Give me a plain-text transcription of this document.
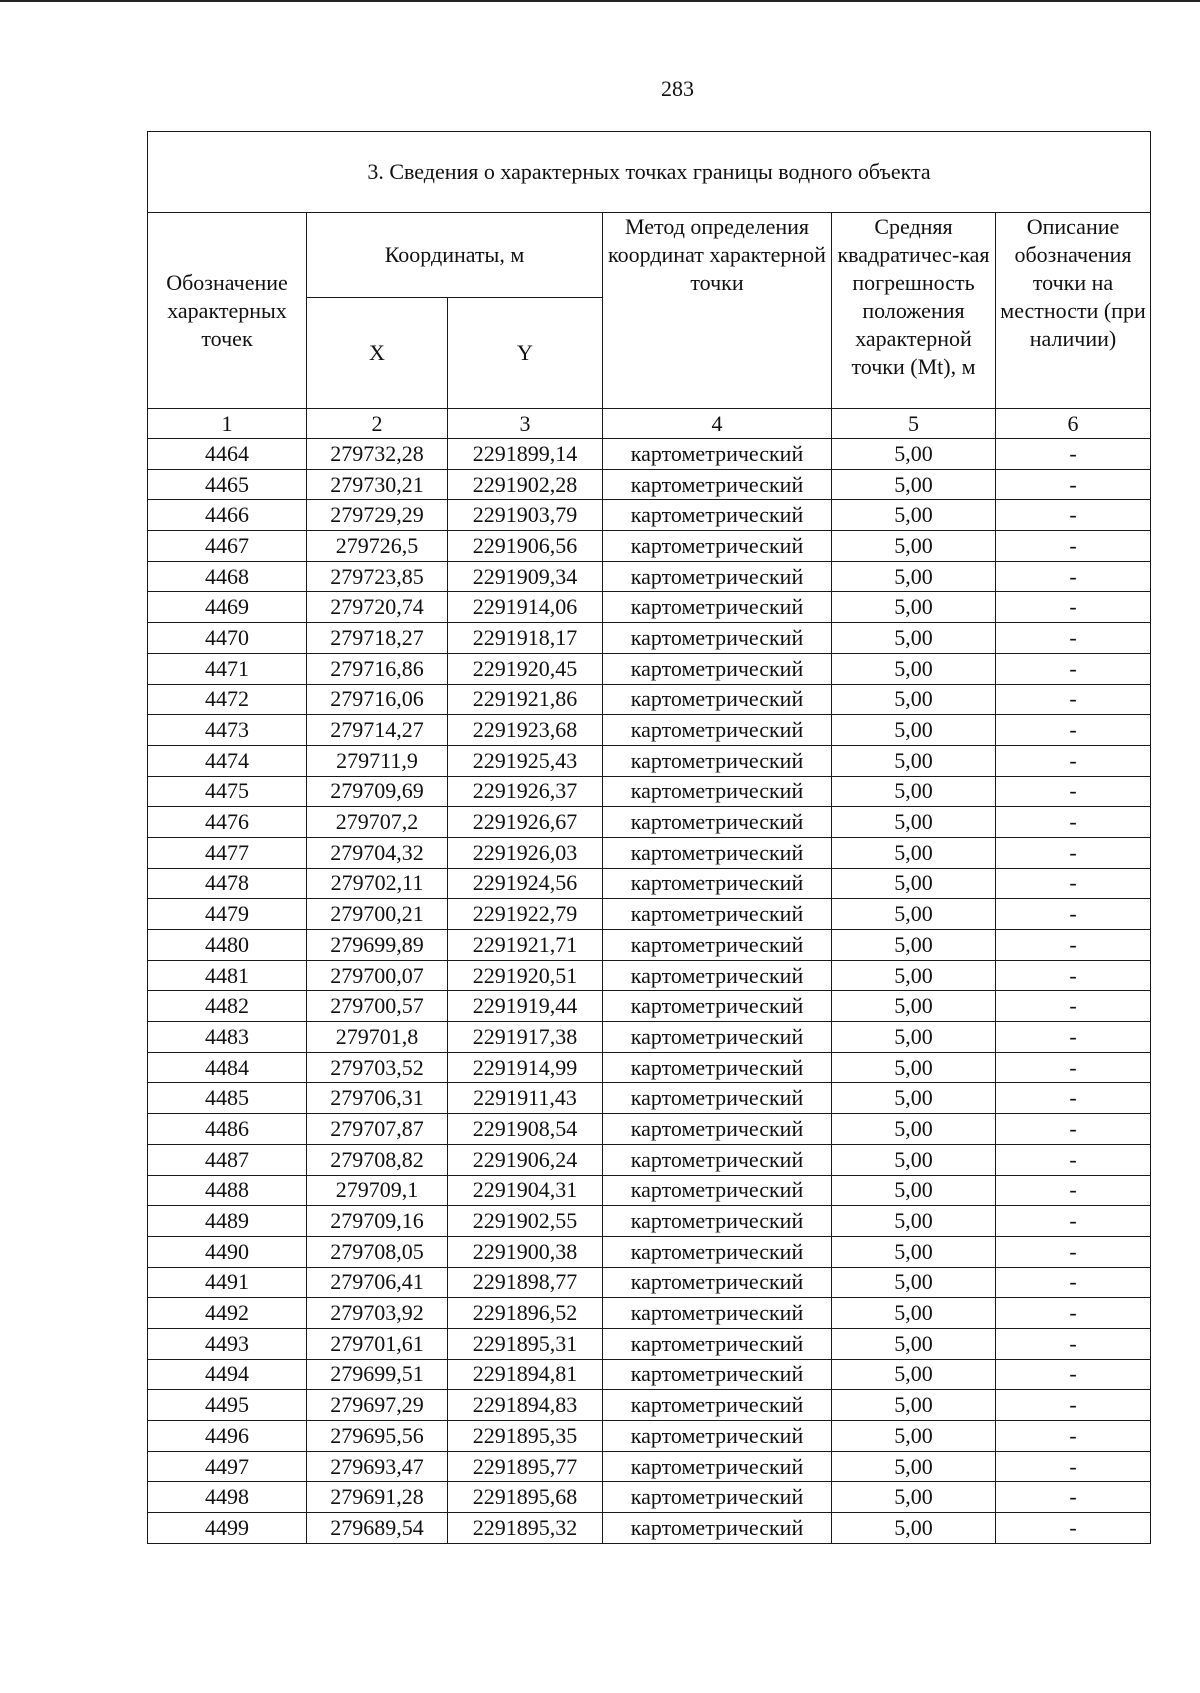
283
3. Сведения о характерных точках границы водного объекта					
Обозначение характерных точек	Координаты, м		Метод определения координат характерной точки	Средняя квадратичес-кая погрешность положения характерной точки (Mt), м	Описание обозначения точки на местности (при наличии)
	X	Y			
1	2	3	4	5	6
4464	279732,28	2291899,14	картометрический	5,00	-
4465	279730,21	2291902,28	картометрический	5,00	-
4466	279729,29	2291903,79	картометрический	5,00	-
4467	279726,5	2291906,56	картометрический	5,00	-
4468	279723,85	2291909,34	картометрический	5,00	-
4469	279720,74	2291914,06	картометрический	5,00	-
4470	279718,27	2291918,17	картометрический	5,00	-
4471	279716,86	2291920,45	картометрический	5,00	-
4472	279716,06	2291921,86	картометрический	5,00	-
4473	279714,27	2291923,68	картометрический	5,00	-
4474	279711,9	2291925,43	картометрический	5,00	-
4475	279709,69	2291926,37	картометрический	5,00	-
4476	279707,2	2291926,67	картометрический	5,00	-
4477	279704,32	2291926,03	картометрический	5,00	-
4478	279702,11	2291924,56	картометрический	5,00	-
4479	279700,21	2291922,79	картометрический	5,00	-
4480	279699,89	2291921,71	картометрический	5,00	-
4481	279700,07	2291920,51	картометрический	5,00	-
4482	279700,57	2291919,44	картометрический	5,00	-
4483	279701,8	2291917,38	картометрический	5,00	-
4484	279703,52	2291914,99	картометрический	5,00	-
4485	279706,31	2291911,43	картометрический	5,00	-
4486	279707,87	2291908,54	картометрический	5,00	-
4487	279708,82	2291906,24	картометрический	5,00	-
4488	279709,1	2291904,31	картометрический	5,00	-
4489	279709,16	2291902,55	картометрический	5,00	-
4490	279708,05	2291900,38	картометрический	5,00	-
4491	279706,41	2291898,77	картометрический	5,00	-
4492	279703,92	2291896,52	картометрический	5,00	-
4493	279701,61	2291895,31	картометрический	5,00	-
4494	279699,51	2291894,81	картометрический	5,00	-
4495	279697,29	2291894,83	картометрический	5,00	-
4496	279695,56	2291895,35	картометрический	5,00	-
4497	279693,47	2291895,77	картометрический	5,00	-
4498	279691,28	2291895,68	картометрический	5,00	-
4499	279689,54	2291895,32	картометрический	5,00	-
